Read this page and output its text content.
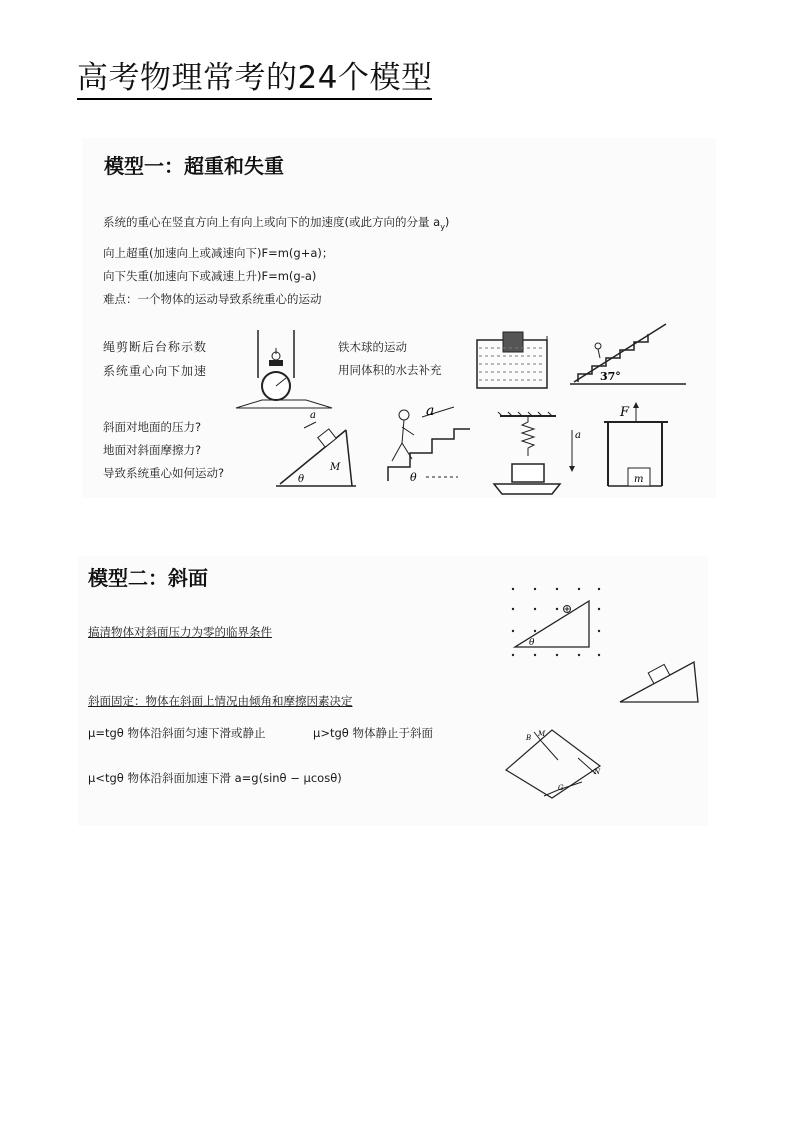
高考物理常考的24个模型
模型一：超重和失重
系统的重心在竖直方向上有向上或向下的加速度(或此方向的分量 $a_y$)
向上超重(加速向上或减速向下)F=m(g+a)；
向下失重(加速向下或减速上升)F=m(g-a)
难点：一个物体的运动导致系统重心的运动
绳剪断后台称示数
系统重心向下加速
铁木球的运动
用同体积的水去补充
斜面对地面的压力?
地面对斜面摩擦力?
导致系统重心如何运动?
37°
a
M
θ
a
θ
a
F
m
模型二：斜面
搞清物体对斜面压力为零的临界条件
斜面固定：物体在斜面上情况由倾角和摩擦因素决定
μ=tgθ 物体沿斜面匀速下滑或静止	μ>tgθ 物体静止于斜面
μ<tgθ 物体沿斜面加速下滑 a=g(sinθ − μcosθ)
θ
B M
N
G
